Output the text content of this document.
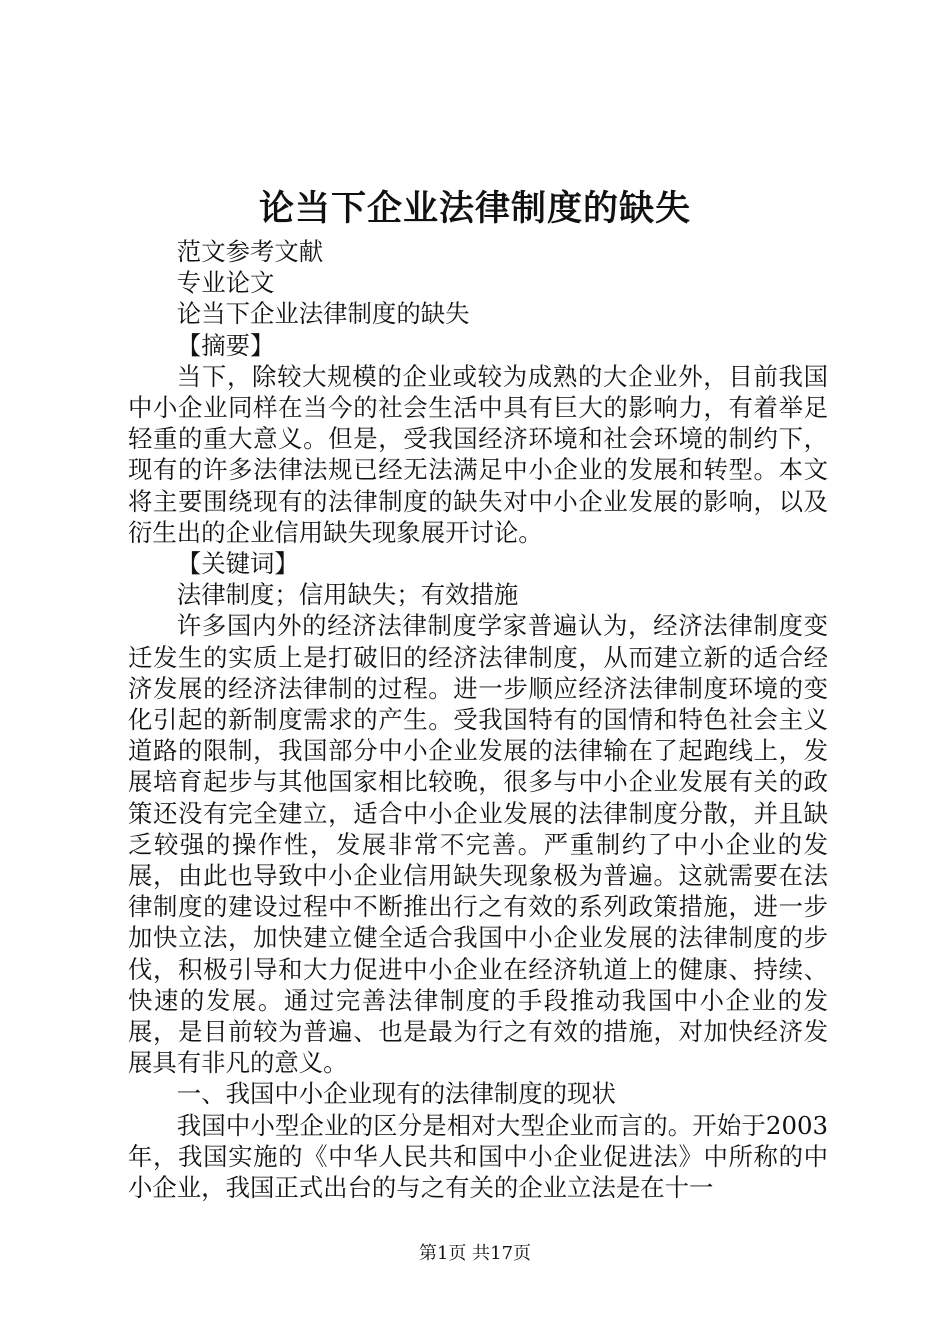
论当下企业法律制度的缺失

范文参考文献

专业论文

论当下企业法律制度的缺失

【摘要】

当下，除较大规模的企业或较为成熟的大企业外，目前我国中小企业同样在当今的社会生活中具有巨大的影响力，有着举足轻重的重大意义。但是，受我国经济环境和社会环境的制约下，现有的许多法律法规已经无法满足中小企业的发展和转型。本文将主要围绕现有的法律制度的缺失对中小企业发展的影响，以及衍生出的企业信用缺失现象展开讨论。

【关键词】

法律制度；信用缺失；有效措施

许多国内外的经济法律制度学家普遍认为，经济法律制度变迁发生的实质上是打破旧的经济法律制度，从而建立新的适合经济发展的经济法律制的过程。进一步顺应经济法律制度环境的变化引起的新制度需求的产生。受我国特有的国情和特色社会主义道路的限制，我国部分中小企业发展的法律输在了起跑线上，发展培育起步与其他国家相比较晚，很多与中小企业发展有关的政策还没有完全建立，适合中小企业发展的法律制度分散，并且缺乏较强的操作性，发展非常不完善。严重制约了中小企业的发展，由此也导致中小企业信用缺失现象极为普遍。这就需要在法律制度的建设过程中不断推出行之有效的系列政策措施，进一步加快立法，加快建立健全适合我国中小企业发展的法律制度的步伐，积极引导和大力促进中小企业在经济轨道上的健康、持续、快速的发展。通过完善法律制度的手段推动我国中小企业的发展，是目前较为普遍、也是最为行之有效的措施，对加快经济发展具有非凡的意义。

一、我国中小企业现有的法律制度的现状

我国中小型企业的区分是相对大型企业而言的。开始于2003年，我国实施的《中华人民共和国中小企业促进法》中所称的中小企业，我国正式出台的与之有关的企业立法是在十一

第1页 共17页
